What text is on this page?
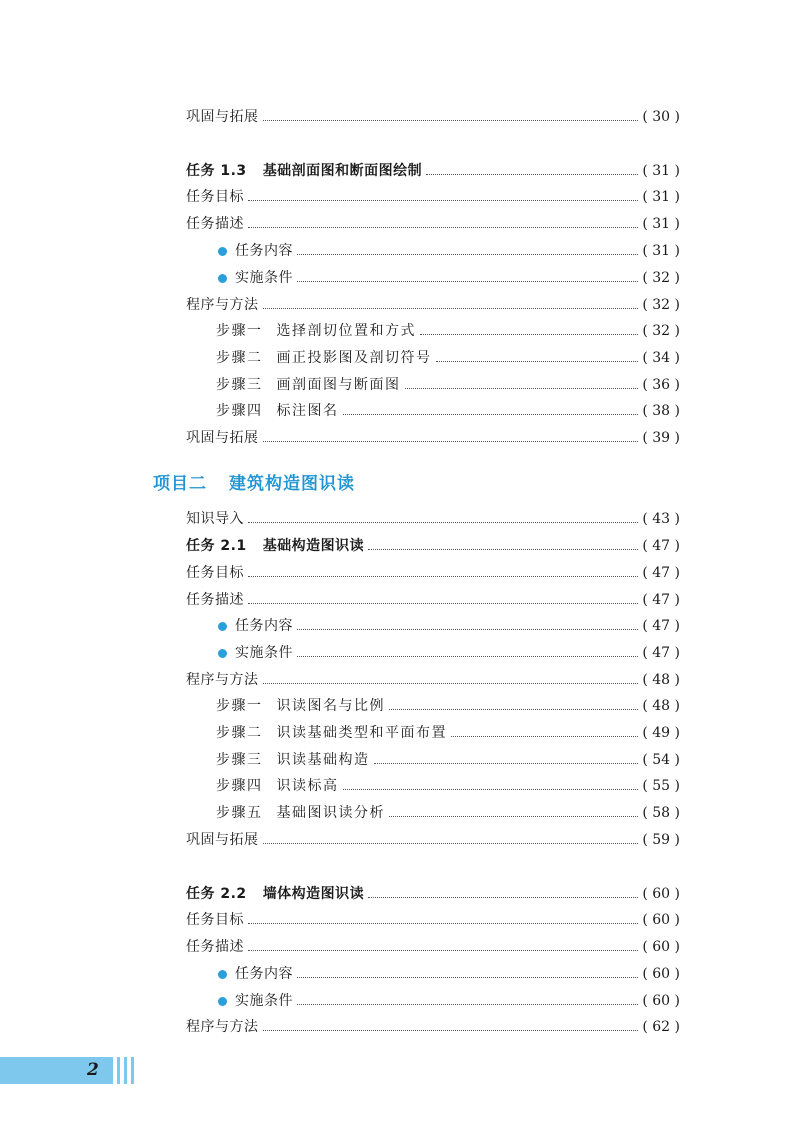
项目二 建筑构造图识读
巩固与拓展	( 30 )
任务 1.3 基础剖面图和断面图绘制	( 31 )
任务目标	( 31 )
任务描述	( 31 )
任务内容	( 31 )
实施条件	( 32 )
程序与方法	( 32 )
步骤一 选择剖切位置和方式	( 32 )
步骤二 画正投影图及剖切符号	( 34 )
步骤三 画剖面图与断面图	( 36 )
步骤四 标注图名	( 38 )
巩固与拓展	( 39 )
知识导入	( 43 )
任务 2.1 基础构造图识读	( 47 )
任务目标	( 47 )
任务描述	( 47 )
任务内容	( 47 )
实施条件	( 47 )
程序与方法	( 48 )
步骤一 识读图名与比例	( 48 )
步骤二 识读基础类型和平面布置	( 49 )
步骤三 识读基础构造	( 54 )
步骤四 识读标高	( 55 )
步骤五 基础图识读分析	( 58 )
巩固与拓展	( 59 )
任务 2.2 墙体构造图识读	( 60 )
任务目标	( 60 )
任务描述	( 60 )
任务内容	( 60 )
实施条件	( 60 )
程序与方法	( 62 )
2
